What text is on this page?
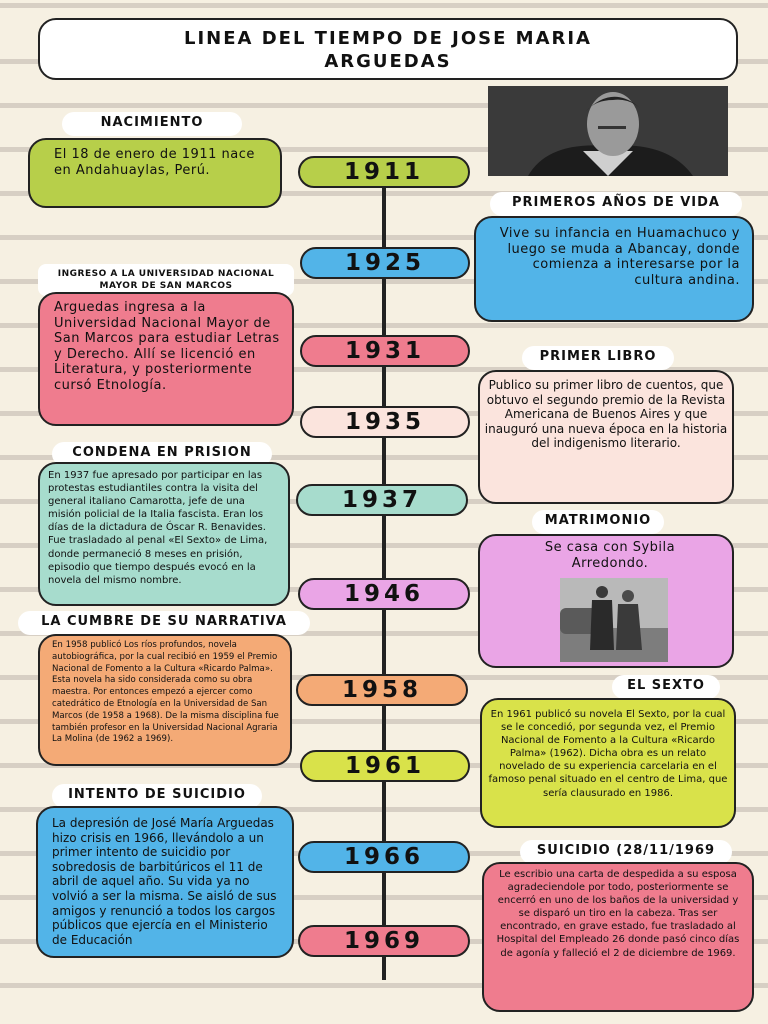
LINEA DEL TIEMPO DE JOSE MARIA
ARGUEDAS
1911
1925
1931
1935
1937
1946
1958
1961
1966
1969
NACIMIENTO

El 18 de enero de 1911 nace en Andahuaylas, Perú.

PRIMEROS AÑOS DE VIDA

Vive su infancia en Huamachuco y luego se muda a Abancay, donde comienza a interesarse por la cultura andina.

INGRESO A LA UNIVERSIDAD NACIONAL MAYOR DE SAN MARCOS

Arguedas ingresa a la Universidad Nacional Mayor de San Marcos para estudiar Letras y Derecho. Allí se licenció en Literatura, y posteriormente cursó Etnología.

PRIMER LIBRO

Publico su primer libro de cuentos, que obtuvo el segundo premio de la Revista Americana de Buenos Aires y que inauguró una nueva época en la historia del indigenismo literario.

CONDENA EN PRISION

En 1937 fue apresado por participar en las protestas estudiantiles contra la visita del general italiano Camarotta, jefe de una misión policial de la Italia fascista. Eran los días de la dictadura de Óscar R. Benavides. Fue trasladado al penal «El Sexto» de Lima, donde permaneció 8 meses en prisión, episodio que tiempo después evocó en la novela del mismo nombre.

MATRIMONIO

Se casa con Sybila Arredondo.

LA CUMBRE DE SU NARRATIVA

En 1958 publicó Los ríos profundos, novela autobiográfica, por la cual recibió en 1959 el Premio Nacional de Fomento a la Cultura «Ricardo Palma». Esta novela ha sido considerada como su obra maestra. Por entonces empezó a ejercer como catedrático de Etnología en la Universidad de San Marcos (de 1958 a 1968). De la misma disciplina fue también profesor en la Universidad Nacional Agraria La Molina (de 1962 a 1969).

EL SEXTO

En 1961 publicó su novela El Sexto, por la cual se le concedió, por segunda vez, el Premio Nacional de Fomento a la Cultura «Ricardo Palma» (1962). Dicha obra es un relato novelado de su experiencia carcelaria en el famoso penal situado en el centro de Lima, que sería clausurado en 1986.

INTENTO DE SUICIDIO

La depresión de José María Arguedas hizo crisis en 1966, llevándolo a un primer intento de suicidio por sobredosis de barbitúricos el 11 de abril de aquel año. Su vida ya no volvió a ser la misma. Se aisló de sus amigos y renunció a todos los cargos públicos que ejercía en el Ministerio de Educación

SUICIDIO (28/11/1969

Le escribio una carta de despedida a su esposa agradeciendole por todo, posteriormente se encerró en uno de los baños de la universidad y se disparó un tiro en la cabeza. Tras ser encontrado, en grave estado, fue trasladado al Hospital del Empleado 26 donde pasó cinco días de agonía y falleció el 2 de diciembre de 1969.
